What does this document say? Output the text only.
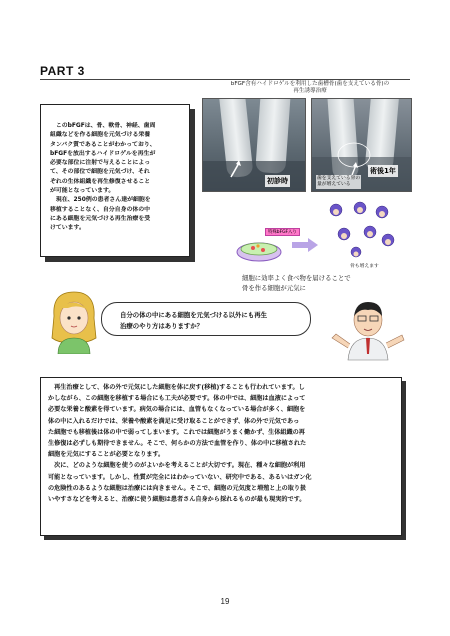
PART 3
bFGF含有ハイドロゲルを利用した歯槽骨(歯を支えている骨)の
再生誘導治療
　このbFGFは、骨、軟骨、神経、歯周
組織などを作る細胞を元気づける栄養
タンパク質であることがわかっており、
bFGFを放出するハイドロゲルを再生が
必要な部位に注射で与えることによっ
て、その部位で細胞を元気づけ、それ
ぞれの生体組織を再生修復させること
が可能となっています。
　現在、250例の患者さん達が細胞を
移植することなく、自分自身の体の中
にある細胞を元気づける再生治療を受
けています。
初診時
術後1年
歯を支えている骨の
量が増えている
特殊bFGF入り
骨も増えます
細胞に効率よく食べ物を届けることで
骨を作る細胞が元気に
自分の体の中にある細胞を元気づける以外にも再生
治療のやり方はありますか？
　再生治療として、体の外で元気にした細胞を体に戻す(移植)することも行われています。し
かしながら、この細胞を移植する場合にも工夫が必要です。体の中では、細胞は血液によって
必要な栄養と酸素を得ています。病気の場合には、血管もなくなっている場合が多く、細胞を
体の中に入れるだけでは、栄養や酸素を満足に受け取ることができず、体の外で元気であっ
た細胞でも移植後は体の中で弱ってしまいます。これでは細胞がうまく働かず、生体組織の再
生修復は必ずしも期待できません。そこで、何らかの方法で血管を作り、体の中に移植された
細胞を元気にすることが必要となります。
　次に、どのような細胞を使うのがよいかを考えることが大切です。現在、種々な細胞が利用
可能となっています。しかし、性質が完全にはわかっていない、研究中である、あるいはガン化
の危険性のあるような細胞は治療には向きません。そこで、細胞の元気度と増殖と上の取り扱
いやすさなどを考えると、治療に使う細胞は患者さん自身から採れるものが最も現実的です。
19
